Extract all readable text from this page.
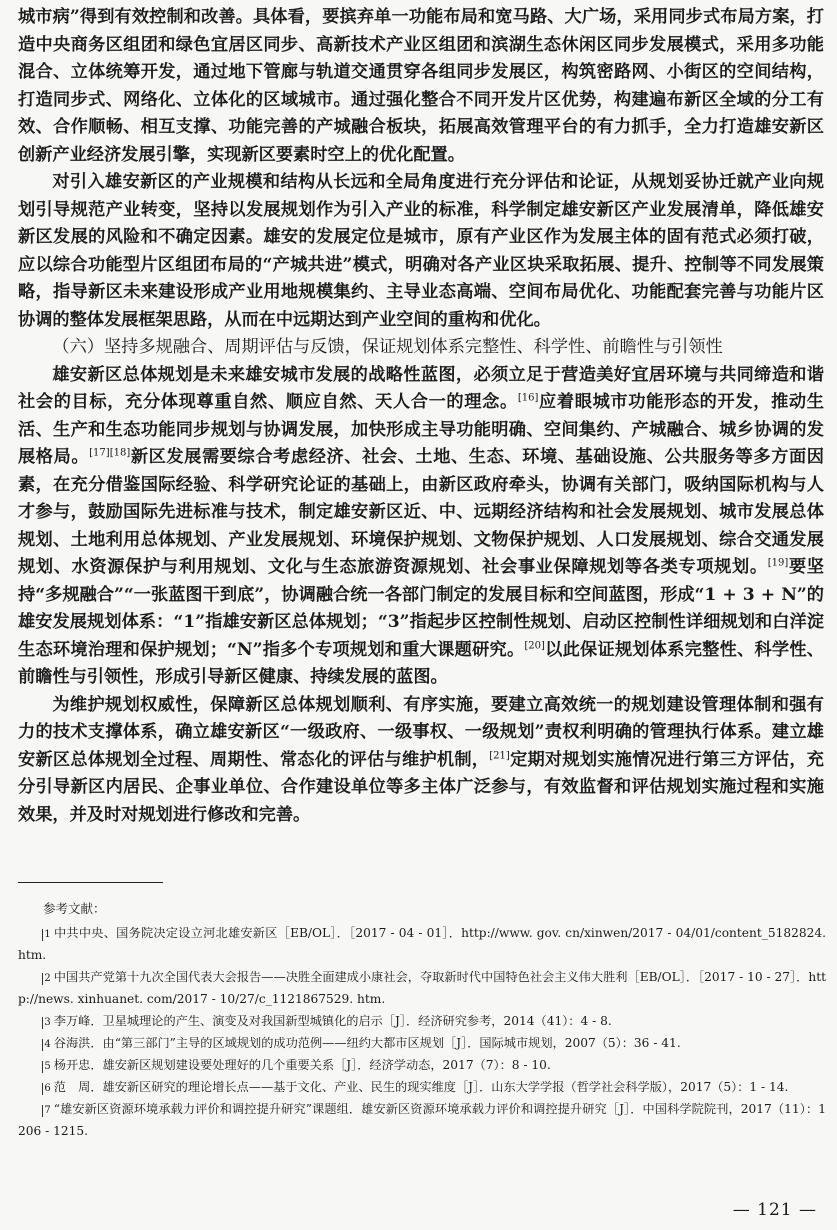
城市病”得到有效控制和改善。具体看，要摈弃单一功能布局和宽马路、大广场，采用同步式布局方案，打造中央商务区组团和绿色宜居区同步、高新技术产业区组团和滨湖生态休闲区同步发展模式，采用多功能混合、立体统筹开发，通过地下管廊与轨道交通贯穿各组同步发展区，构筑密路网、小街区的空间结构，打造同步式、网络化、立体化的区域城市。通过强化整合不同开发片区优势，构建遍布新区全域的分工有效、合作顺畅、相互支撑、功能完善的产城融合板块，拓展高效管理平台的有力抓手，全力打造雄安新区创新产业经济发展引擎，实现新区要素时空上的优化配置。

对引入雄安新区的产业规模和结构从长远和全局角度进行充分评估和论证，从规划妥协迁就产业向规划引导规范产业转变，坚持以发展规划作为引入产业的标准，科学制定雄安新区产业发展清单，降低雄安新区发展的风险和不确定因素。雄安的发展定位是城市，原有产业区作为发展主体的固有范式必须打破，应以综合功能型片区组团布局的“产城共进”模式，明确对各产业区块采取拓展、提升、控制等不同发展策略，指导新区未来建设形成产业用地规模集约、主导业态高端、空间布局优化、功能配套完善与功能片区协调的整体发展框架思路，从而在中远期达到产业空间的重构和优化。

（六）坚持多规融合、周期评估与反馈，保证规划体系完整性、科学性、前瞻性与引领性

雄安新区总体规划是未来雄安城市发展的战略性蓝图，必须立足于营造美好宜居环境与共同缔造和谐社会的目标，充分体现尊重自然、顺应自然、天人合一的理念。[16]应着眼城市功能形态的开发，推动生活、生产和生态功能同步规划与协调发展，加快形成主导功能明确、空间集约、产城融合、城乡协调的发展格局。[17][18]新区发展需要综合考虑经济、社会、土地、生态、环境、基础设施、公共服务等多方面因素，在充分借鉴国际经验、科学研究论证的基础上，由新区政府牵头，协调有关部门，吸纳国际机构与人才参与，鼓励国际先进标准与技术，制定雄安新区近、中、远期经济结构和社会发展规划、城市发展总体规划、土地利用总体规划、产业发展规划、环境保护规划、文物保护规划、人口发展规划、综合交通发展规划、水资源保护与利用规划、文化与生态旅游资源规划、社会事业保障规划等各类专项规划。[19]要坚持“多规融合”“一张蓝图干到底”，协调融合统一各部门制定的发展目标和空间蓝图，形成“1 + 3 + N”的雄安发展规划体系：“1”指雄安新区总体规划；“3”指起步区控制性规划、启动区控制性详细规划和白洋淀生态环境治理和保护规划；“N”指多个专项规划和重大课题研究。[20]以此保证规划体系完整性、科学性、前瞻性与引领性，形成引导新区健康、持续发展的蓝图。

为维护规划权威性，保障新区总体规划顺利、有序实施，要建立高效统一的规划建设管理体制和强有力的技术支撑体系，确立雄安新区“一级政府、一级事权、一级规划”责权利明确的管理执行体系。建立雄安新区总体规划全过程、周期性、常态化的评估与维护机制，[21]定期对规划实施情况进行第三方评估，充分引导新区内居民、企事业单位、合作建设单位等多主体广泛参与，有效监督和评估规划实施过程和实施效果，并及时对规划进行修改和完善。

参考文献：
1 中共中央、国务院决定设立河北雄安新区［EB/OL］．［2017 - 04 - 01］．http://www. gov. cn/xinwen/2017 - 04/01/content_5182824. htm.
2 中国共产党第十九次全国代表大会报告——决胜全面建成小康社会，夺取新时代中国特色社会主义伟大胜利［EB/OL］．［2017 - 10 - 27］．http://news. xinhuanet. com/2017 - 10/27/c_1121867529. htm.
3 李万峰．卫星城理论的产生、演变及对我国新型城镇化的启示［J］．经济研究参考，2014（41）：4 - 8.
4 谷海洪．由“第三部门”主导的区域规划的成功范例——纽约大都市区规划［J］．国际城市规划，2007（5）：36 - 41.
5 杨开忠．雄安新区规划建设要处理好的几个重要关系［J］．经济学动态，2017（7）：8 - 10.
6 范　周．雄安新区研究的理论增长点——基于文化、产业、民生的现实维度［J］．山东大学学报（哲学社会科学版），2017（5）：1 - 14.
7 “雄安新区资源环境承载力评价和调控提升研究”课题组．雄安新区资源环境承载力评价和调控提升研究［J］．中国科学院院刊，2017（11）：1206 - 1215.
— 121 —
